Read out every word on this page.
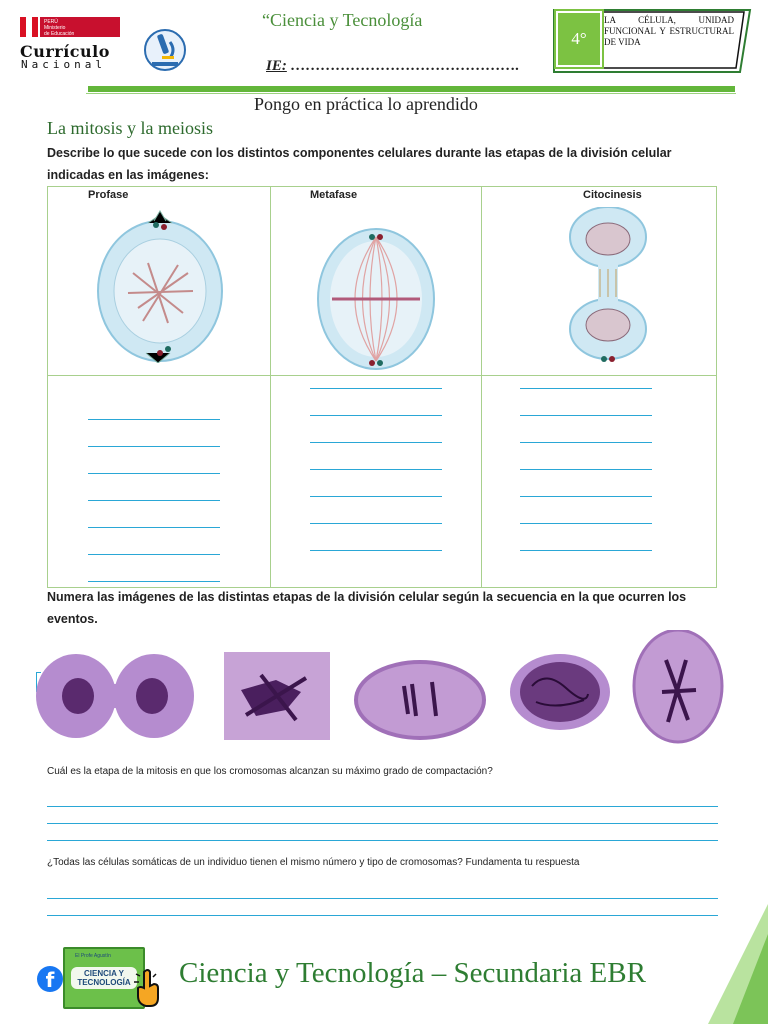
PERÚ
Ministerio
de Educación
Currículo
Nacional
“Ciencia y Tecnología
IE: ……………………………………….
4°
LA CÉLULA, UNIDAD FUNCIONAL Y ESTRUCTURAL DE VIDA
Pongo en práctica lo aprendido
La mitosis y la meiosis
Describe lo que sucede con los distintos componentes celulares durante las etapas de la división celular indicadas en las imágenes:
Profase	Metafase	Citocinesis
Numera las imágenes de las distintas etapas de la división celular según la secuencia en la que ocurren los eventos.
Cuál es la etapa de la mitosis en que los cromosomas alcanzan su máximo grado de compactación?
¿Todas las células somáticas de un individuo tienen el mismo número y tipo de cromosomas? Fundamenta tu respuesta
f
El Profe Agustín
CIENCIA Y
TECNOLOGÍA Ciencia y Tecnología – Secundaria EBR
